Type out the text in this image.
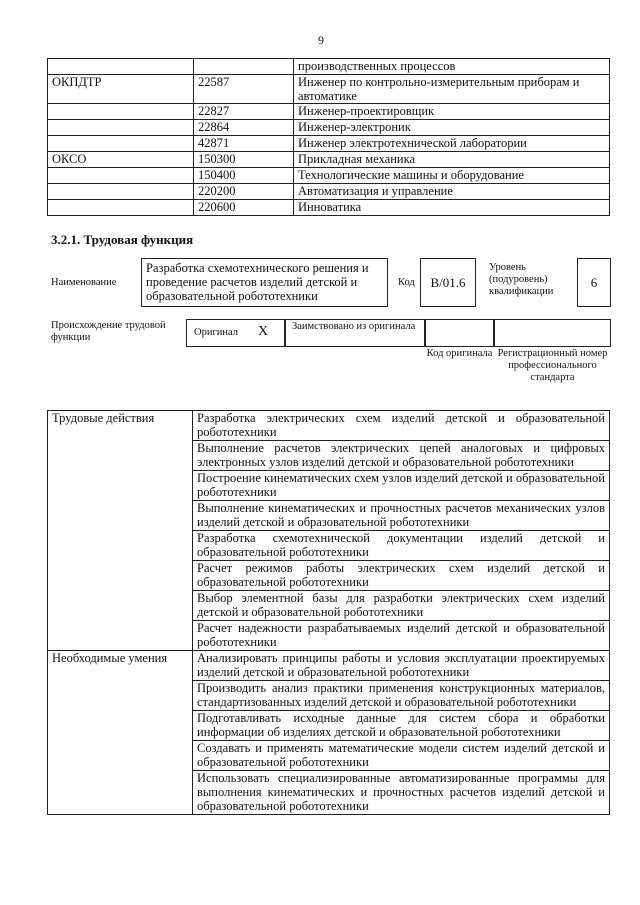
9
		производственных процессов
ОКПДТР	22587	Инженер по контрольно-измерительным приборам и автоматике
	22827	Инженер-проектировщик
	22864	Инженер-электроник
	42871	Инженер электротехнической лаборатории
ОКСО	150300	Прикладная механика
	150400	Технологические машины и оборудование
	220200	Автоматизация и управление
	220600	Инноватика
3.2.1. Трудовая функция
Наименование
Разработка схемотехнического решения и проведение расчетов изделий детской и образовательной робототехники
Код	В/01.6
Уровень (подуровень) квалификации
6
Происхождение трудовой функции	Оригинал X Заимствовано из оригинала
Код оригинала Регистрационный номер профессионального стандарта
Трудовые действия	Разработка электрических схем изделий детской и образовательной робототехники
	Выполнение расчетов электрических цепей аналоговых и цифровых электронных узлов изделий детской и образовательной робототехники
	Построение кинематических схем узлов изделий детской и образовательной робототехники
	Выполнение кинематических и прочностных расчетов механических узлов изделий детской и образовательной робототехники
	Разработка схемотехнической документации изделий детской и образовательной робототехники
	Расчет режимов работы электрических схем изделий детской и образовательной робототехники
	Выбор элементной базы для разработки электрических схем изделий детской и образовательной робототехники
	Расчет надежности разрабатываемых изделий детской и образовательной робототехники
Необходимые умения	Анализировать принципы работы и условия эксплуатации проектируемых изделий детской и образовательной робототехники
	Производить анализ практики применения конструкционных материалов, стандартизованных изделий детской и образовательной робототехники
	Подготавливать исходные данные для систем сбора и обработки информации об изделиях детской и образовательной робототехники
	Создавать и применять математические модели систем изделий детской и образовательной робототехники
	Использовать специализированные автоматизированные программы для выполнения кинематических и прочностных расчетов изделий детской и образовательной робототехники
